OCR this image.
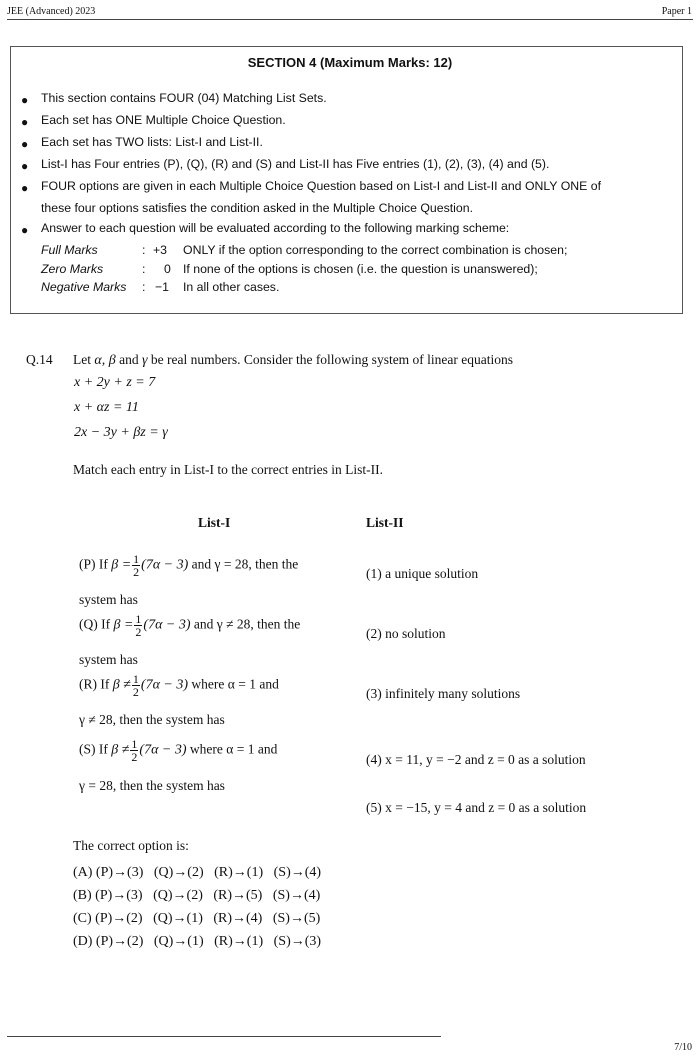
JEE (Advanced) 2023	Paper 1
SECTION 4 (Maximum Marks: 12)
● This section contains FOUR (04) Matching List Sets.
● Each set has ONE Multiple Choice Question.
● Each set has TWO lists: List-I and List-II.
● List-I has Four entries (P), (Q), (R) and (S) and List-II has Five entries (1), (2), (3), (4) and (5).
● FOUR options are given in each Multiple Choice Question based on List-I and List-II and ONLY ONE of
these four options satisfies the condition asked in the Multiple Choice Question.
● Answer to each question will be evaluated according to the following marking scheme:
Full Marks	: +3 ONLY if the option corresponding to the correct combination is chosen;
Zero Marks	: 0 If none of the options is chosen (i.e. the question is unanswered);
Negative Marks : −1 In all other cases.
Q.14 Let α, β and γ be real numbers. Consider the following system of linear equations
x + 2y + z = 7
x + αz = 11
2x − 3y + βz = γ
Match each entry in List-I to the correct entries in List-II.
List-I	List-II
(P) If $\beta = \frac{1}{2} (7\alpha - 3)$ and γ = 28, then the
system has
(Q) If $\beta = \frac{1}{2} (7\alpha - 3)$ and γ ≠ 28, then the
system has
(R) If $\beta \ne \frac{1}{2} (7\alpha - 3)$ where α = 1 and
γ ≠ 28, then the system has
(S) If $\beta \ne \frac{1}{2} (7\alpha - 3)$ where α = 1 and
γ = 28, then the system has
(1) a unique solution
(2) no solution
(3) infinitely many solutions
(4) x = 11, y = −2 and z = 0 as a solution
(5) x = −15, y = 4 and z = 0 as a solution
The correct option is:
(A) (P)→(3)   (Q)→(2)   (R)→(1)   (S)→(4)
(B) (P)→(3)   (Q)→(2)   (R)→(5)   (S)→(4)
(C) (P)→(2)   (Q)→(1)   (R)→(4)   (S)→(5)
(D) (P)→(2)   (Q)→(1)   (R)→(1)   (S)→(3)
7/10
